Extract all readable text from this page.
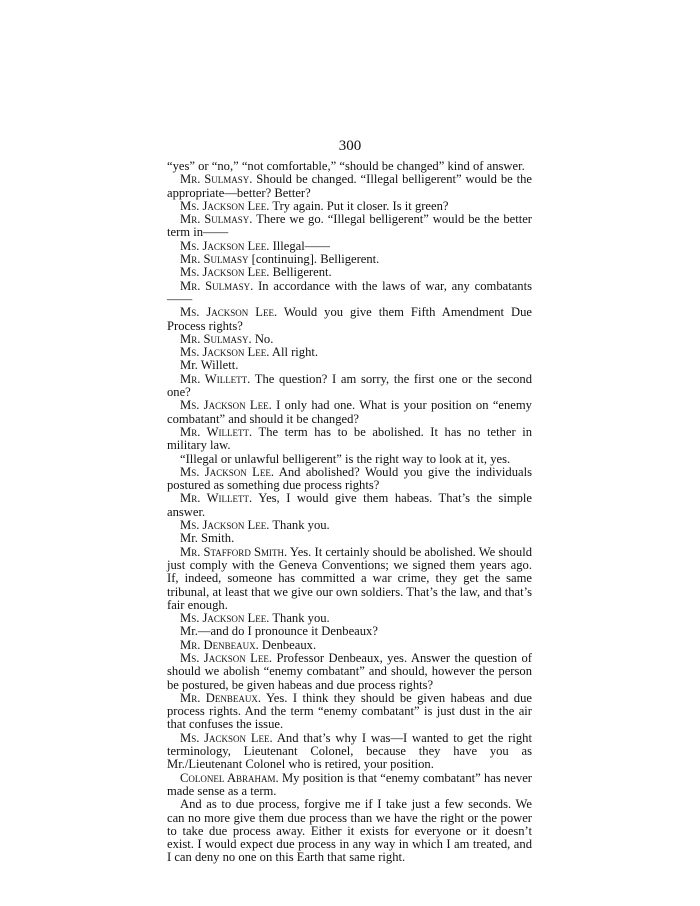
300

“yes” or “no,” “not comfortable,” “should be changed” kind of answer.

Mr. Sulmasy. Should be changed. “Illegal belligerent” would be the appropriate—better? Better?

Ms. Jackson Lee. Try again. Put it closer. Is it green?

Mr. Sulmasy. There we go. “Illegal belligerent” would be the better term in——

Ms. Jackson Lee. Illegal——

Mr. Sulmasy [continuing]. Belligerent.

Ms. Jackson Lee. Belligerent.

Mr. Sulmasy. In accordance with the laws of war, any combatants——

Ms. Jackson Lee. Would you give them Fifth Amendment Due Process rights?

Mr. Sulmasy. No.

Ms. Jackson Lee. All right.

Mr. Willett.

Mr. Willett. The question? I am sorry, the first one or the second one?

Ms. Jackson Lee. I only had one. What is your position on “enemy combatant” and should it be changed?

Mr. Willett. The term has to be abolished. It has no tether in military law.

“Illegal or unlawful belligerent” is the right way to look at it, yes.

Ms. Jackson Lee. And abolished? Would you give the individuals postured as something due process rights?

Mr. Willett. Yes, I would give them habeas. That’s the simple answer.

Ms. Jackson Lee. Thank you.

Mr. Smith.

Mr. Stafford Smith. Yes. It certainly should be abolished. We should just comply with the Geneva Conventions; we signed them years ago. If, indeed, someone has committed a war crime, they get the same tribunal, at least that we give our own soldiers. That’s the law, and that’s fair enough.

Ms. Jackson Lee. Thank you.

Mr.—and do I pronounce it Denbeaux?

Mr. Denbeaux. Denbeaux.

Ms. Jackson Lee. Professor Denbeaux, yes. Answer the question of should we abolish “enemy combatant” and should, however the person be postured, be given habeas and due process rights?

Mr. Denbeaux. Yes. I think they should be given habeas and due process rights. And the term “enemy combatant” is just dust in the air that confuses the issue.

Ms. Jackson Lee. And that’s why I was—I wanted to get the right terminology, Lieutenant Colonel, because they have you as Mr./Lieutenant Colonel who is retired, your position.

Colonel Abraham. My position is that “enemy combatant” has never made sense as a term.

And as to due process, forgive me if I take just a few seconds. We can no more give them due process than we have the right or the power to take due process away. Either it exists for everyone or it doesn’t exist. I would expect due process in any way in which I am treated, and I can deny no one on this Earth that same right.
